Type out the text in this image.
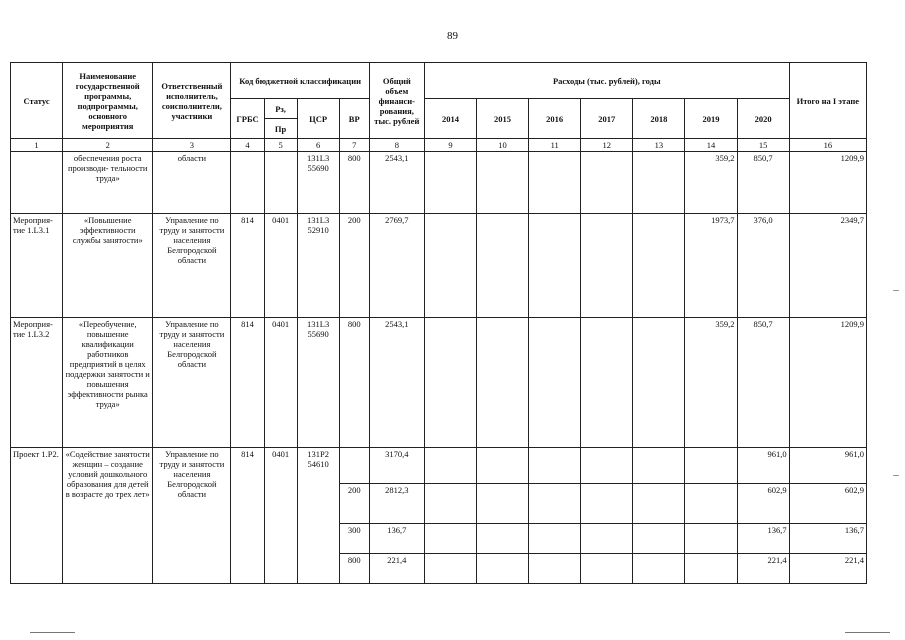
89
Статус	Наименование государственной программы, подпрограммы, основного мероприятия	Ответственный исполнитель, соисполнители, участники	Код бюджетной классификации				Общий объем финанси- рования, тыс. рублей	Расходы (тыс. рублей), годы							Итого на I этапе
			ГРБС	Рз,	ЦСР	ВР		2014	2015	2016	2017	2018	2019	2020	
				Пр											
1	2	3	4	5	6	7	8	9	10	11	12	13	14	15	16
	обеспечения роста производи- тельности труда»	области			131L3 55690	800	2543,1						359,2	850,7	1209,9
Мероприя- тие 1.L3.1	«Повышение эффективности службы занятости»	Управление по труду и занятости населения Белгородской области	814	0401	131L3 52910	200	2769,7						1973,7	376,0	2349,7
Мероприя- тие 1.L3.2	«Переобучение, повышение квалификации работников предприятий в целях поддержки занятости и повышения эффективности рынка труда»	Управление по труду и занятости населения Белгородской области	814	0401	131L3 55690	800	2543,1						359,2	850,7	1209,9
Проект 1.Р2.	«Содействие занятости женщин – создание условий дошкольного образования для детей в возрасте до трех лет»	Управление по труду и занятости населения Белгородской области	814	0401	131Р2 54610		3170,4							961,0	961,0
						200	2812,3							602,9	602,9
						300	136,7							136,7	136,7
						800	221,4							221,4	221,4
